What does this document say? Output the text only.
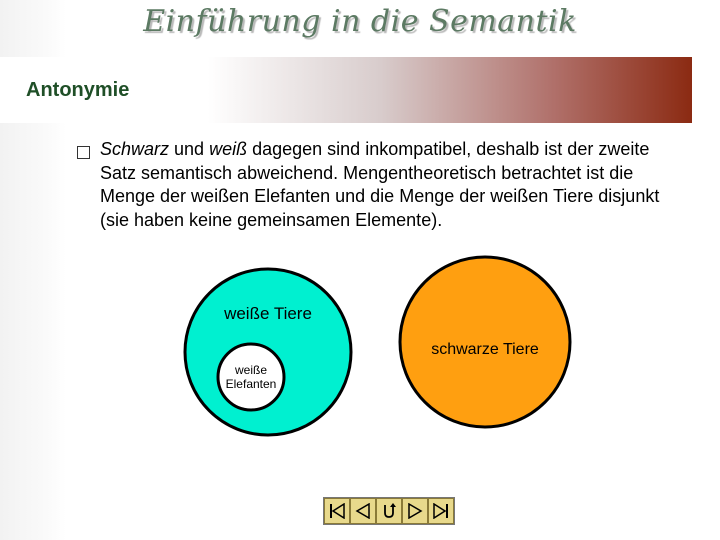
Einführung in die Semantik
Antonymie
Schwarz und weiß dagegen sind inkompatibel, deshalb ist der zweite Satz semantisch abweichend. Mengentheoretisch betrachtet ist die Menge der weißen Elefanten und die Menge der weißen Tiere disjunkt (sie haben keine gemeinsamen Elemente).
weiße Tiere
weiße
Elefanten
schwarze Tiere
